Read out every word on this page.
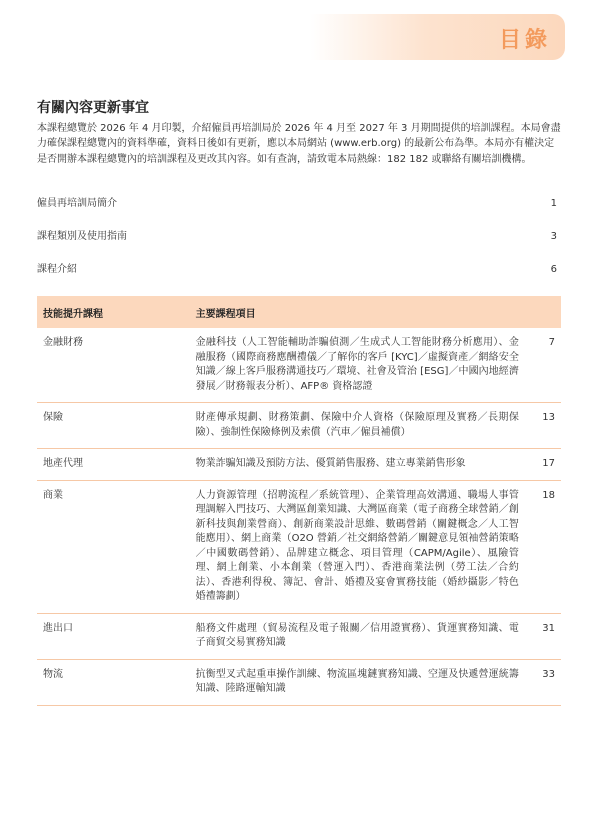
目錄
有關內容更新事宜

本課程總覽於 2026 年 4 月印製，介紹僱員再培訓局於 2026 年 4 月至 2027 年 3 月期間提供的培訓課程。本局會盡力確保課程總覽內的資料準確，資料日後如有更新，應以本局網站 (www.erb.org) 的最新公布為準。本局亦有權決定是否開辦本課程總覽內的培訓課程及更改其內容。如有查詢，請致電本局熱線：182 182 或聯絡有關培訓機構。

僱員再培訓局簡介	1
課程類別及使用指南	3
課程介紹	6
技能提升課程	主要課程項目	
金融財務	金融科技（人工智能輔助詐騙偵測／生成式人工智能財務分析應用）、金融服務（國際商務應酬禮儀／了解你的客戶 [KYC]／虛擬資產／網絡安全知識／線上客戶服務溝通技巧／環境、社會及管治 [ESG]／中國內地經濟發展／財務報表分析）、AFP® 資格認證	7
保險	財產傳承規劃、財務策劃、保險中介人資格（保險原理及實務／長期保險）、強制性保險條例及索償（汽車／僱員補償）	13
地產代理	物業詐騙知識及預防方法、優質銷售服務、建立專業銷售形象	17
商業	人力資源管理（招聘流程／系統管理）、企業管理高效溝通、職場人事管理調解入門技巧、大灣區創業知識、大灣區商業（電子商務全球營銷／創新科技與創業營商）、創新商業設計思維、數碼營銷（關鍵概念／人工智能應用）、網上商業（O2O 營銷／社交網絡營銷／關鍵意見領袖營銷策略／中國數碼營銷）、品牌建立概念、項目管理（CAPM/Agile）、風險管理、網上創業、小本創業（營運入門）、香港商業法例（勞工法／合約法）、香港利得稅、簿記、會計、婚禮及宴會實務技能（婚紗攝影／特色婚禮籌劃）	18
進出口	船務文件處理（貿易流程及電子報關／信用證實務）、貨運實務知識、電子商貿交易實務知識	31
物流	抗衡型叉式起重車操作訓練、物流區塊鏈實務知識、空運及快遞營運統籌知識、陸路運輸知識	33
